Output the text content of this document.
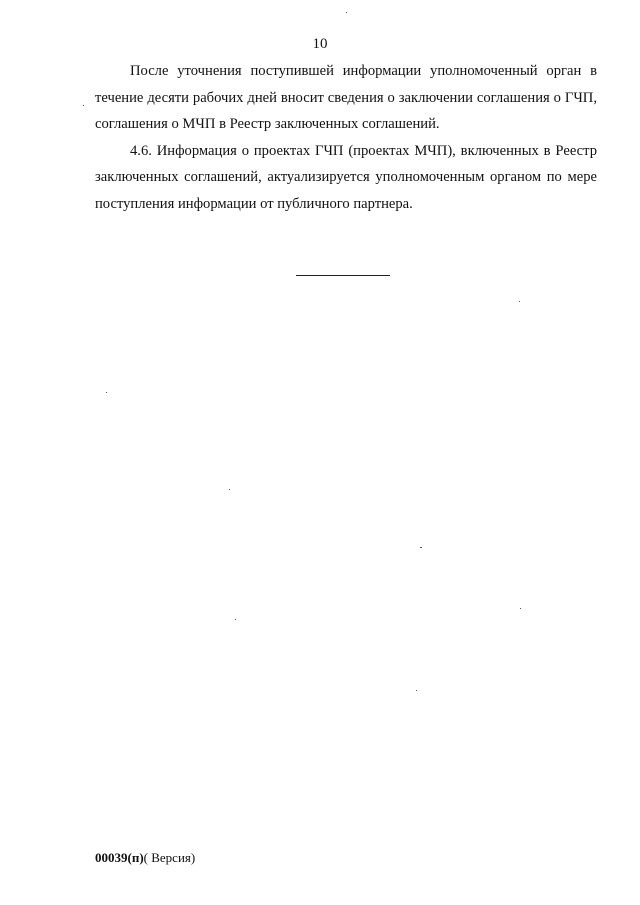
10

После уточнения поступившей информации уполномоченный орган в течение десяти рабочих дней вносит сведения о заключении соглашения о ГЧП, соглашения о МЧП в Реестр заключенных соглашений.

4.6. Информация о проектах ГЧП (проектах МЧП), включенных в Реестр заключенных соглашений, актуализируется уполномоченным органом по мере поступления информации от публичного партнера.

00039(п)( Версия)
